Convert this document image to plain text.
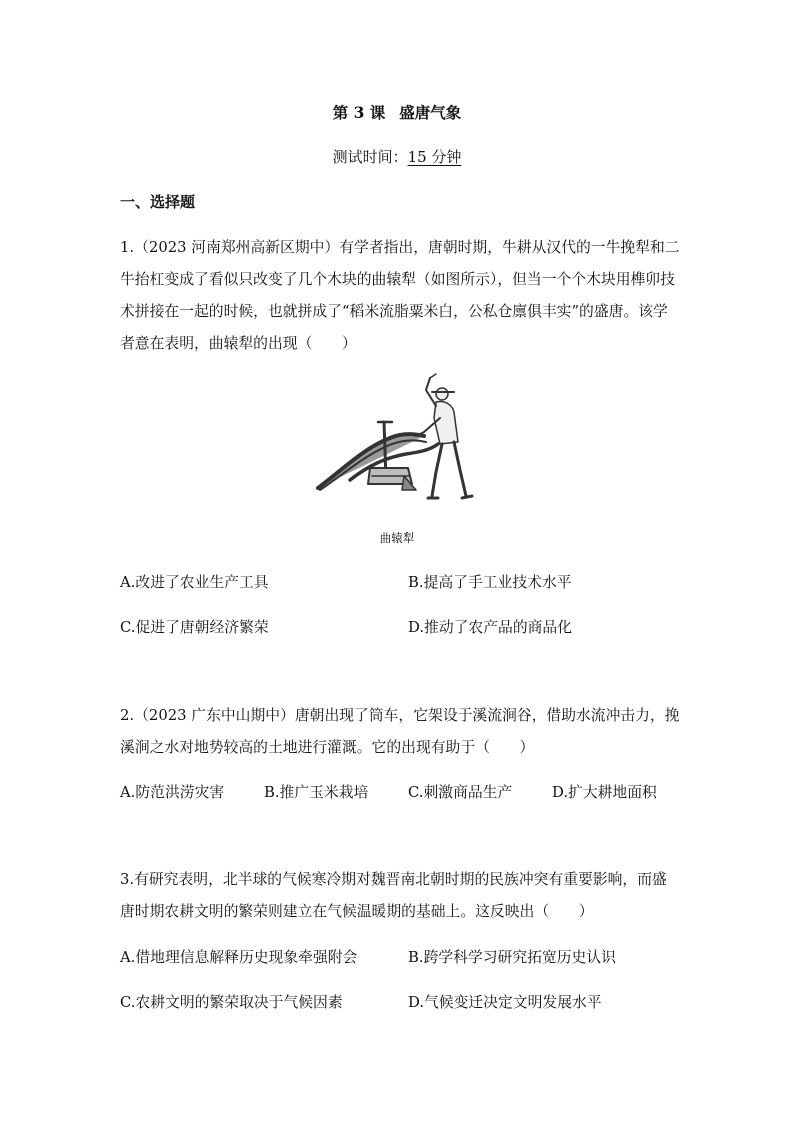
第 3 课 盛唐气象
测试时间：15 分钟
一、选择题
1.（2023 河南郑州高新区期中）有学者指出，唐朝时期，牛耕从汉代的一牛挽犁和二牛抬杠变成了看似只改变了几个木块的曲辕犁（如图所示），但当一个个木块用榫卯技术拼接在一起的时候，也就拼成了“稻米流脂粟米白，公私仓廪俱丰实”的盛唐。该学者意在表明，曲辕犁的出现（　　）
曲辕犁
A.改进了农业生产工具	B.提高了手工业技术水平
C.促进了唐朝经济繁荣	D.推动了农产品的商品化
2.（2023 广东中山期中）唐朝出现了筒车，它架设于溪流涧谷，借助水流冲击力，挽溪涧之水对地势较高的土地进行灌溉。它的出现有助于（　　）
A.防范洪涝灾害	B.推广玉米栽培	C.刺激商品生产	D.扩大耕地面积
3.有研究表明，北半球的气候寒冷期对魏晋南北朝时期的民族冲突有重要影响，而盛唐时期农耕文明的繁荣则建立在气候温暖期的基础上。这反映出（　　）
A.借地理信息解释历史现象牵强附会	B.跨学科学习研究拓宽历史认识
C.农耕文明的繁荣取决于气候因素	D.气候变迁决定文明发展水平
